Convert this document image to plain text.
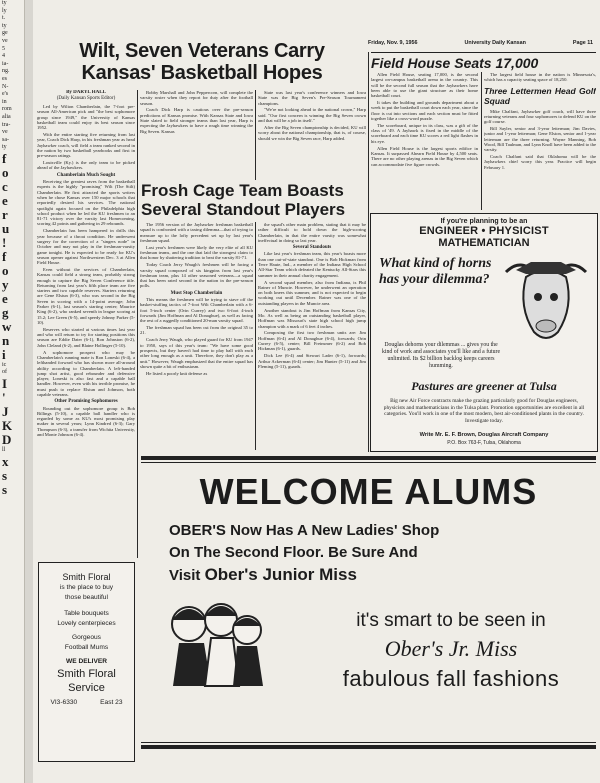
ty
ly
t.
ty
ge
ve
5
4
ia-
ng.
es
N-
e's
in
rom
alia
tra-
ve
sa-
ty
f
o
c
e
r
u
!
f
o
y
e
g
w
n
i
ic
of
I
'
J
K
D
ll
x
s
s
Friday, Nov. 9, 1956	University Daily Kansan	Page 11
Wilt, Seven Veterans Carry
Kansas' Basketball Hopes
By DARYL HALL
(Daily Kansan Sports Editor)

Led by Wilton Chamberlain, the 7-foot pre-season All-American pick and "the best sophomore group since 1949," the University of Kansas basketball team could enjoy its best season since 1952.

With the entire starting five returning from last year, Coach Dick Harp, in his freshman year as head Jayhawker coach, will field a team ranked second in the nation by two basketball yearbooks and first in pre-season ratings.

Louisville (Ky.) is the only team to be picked ahead of the Jayhawkers.

Chamberlain Much Sought

Receiving the greatest raves from the basketball experts is the highly "promising" Wilt (The Stilt) Chamberlain. He first attracted the sports writers when he chose Kansas over 150 major schools that reportedly desired his services. The national spotlight again focused on the Philadelphia high school product when he led the KU freshmen to an 81-71 victory over the varsity last Homecoming, scoring 42 points and gathering in 29 rebounds.

Chamberlain has been hampered in drills this year because of a throat condition. He underwent surgery for the correction of a "singers node" in October and may not play in the freshman-varsity game tonight. He is expected to be ready for KU's season opener against Northwestern Dec. 3 at Allen Field House.

Even without the services of Chamberlain, Kansas could field a strong team, probably strong enough to capture the Big Seven Conference title. Returning from last year's fifth place team are five starters and two capable reserves. Starters returning are Gene Elstun (6-3), who was second in the Big Seven in scoring with a 14-point average; John Parker (6-1), last season's starting center; Maurice King (6-2), who ranked seventh in league scoring at 15.2; Lee Green (6-5), and speedy Johnny Parker (5-10).

Reserves who started at various times last year and who will return to try for starting positions this season are Eddie Dater (6-1), Ron Johnston (6-2), John Cleland (6-2), and Blaine Hollinger (5-10).

A sophomore prospect who may be Chamberlain's running mate is Ron Loneski (6-4), a lefthanded forward who has shown more all-around ability according to Chamberlain. A left-handed jump shot artist, good rebounder and defensive player, Loneski is also fast and a capable ball handler. However, even with his terrible promise, he must push to replace Elstun and Johnson, both capable veterans.

Other Promising Sophomores

Rounding out the sophomore group is Bob Billings (5-10), a capable ball handler who is regarded by some as KU's most promising play maker in several years; Lynn Kindred (6-3); Gary Thompson (6-3), a transfer from Wichita University, and Monte Johnson (6-4).

Bobby Marshall and John Peppercorn, will complete the varsity roster when they report for duty after the football season.

Coach Dick Harp is cautious over the pre-season predictions of Kansas promise. With Kansas State and Iowa State slated to field stronger teams than last year, Harp is expecting the Jayhawkers to have a rough time winning the Big Seven. Kansas

State was last year's conference winners and Iowa State was the Big Seven's Pre-Season Tournament champions.

"We're not looking ahead to the national crown," Harp said. "Our first concern is winning the Big Seven crown and that will be a job in itself."

After the Big Seven championship is decided, KU will worry about the national championship, that is, of course, should we win the Big Seven race, Harp added.

Frosh Cage Team Boasts
Several Standout Players

The 1956 version of the Jayhawker freshman basketball squad is confronted with a taxing dilemma—that of trying to measure up to the lofty precedent set up by last year's freshman squad.

Last year's freshmen were likely the very elite of all KU freshman teams, and the one that laid the strongest claim to that honor by shattering tradition to beat the varsity 81-71.

Today Coach Jerry Waugh's freshmen will be facing a varsity squad composed of six kingpins from last year's freshman team, plus 14 other seasoned veterans—a squad that has been rated second in the nation in the pre-season polls.

Must Stop Chamberlain

This means the freshmen will be trying to stave off the basket-stuffing tactics of 7-foot Wilt Chamberlain with a 6-foot 5-inch center (Orin Currey) and two 6-foot 4-inch forwards (Jim Hoffman and Al Donaghue), as well as facing the rest of a ruggedly conditioned 20-man varsity squad.

The freshman squad has been cut from the original 35 to 21.

Coach Jerry Waugh, who played guard for KU from 1947 to 1950, says of this year's team: "We have some good prospects, but they haven't had time to play ball with each other long enough as a unit. Therefore, they don't play as a unit." However, Waugh emphasized that the entire squad has shown quite a bit of enthusiasm.

He listed a poorly knit defense as

the squad's other main problem, stating that it may be rather difficult to hold down the high-scoring Chamberlain, in that the entire varsity was somewhat ineffectual in doing so last year.

Several Standouts

Like last year's freshman team, this year's boasts more than one out-of-state standout. One is Bob Hickman from Terre Haute, Ind., a member of the Indiana High School All-Star Team which defeated the Kentucky All-Stars this summer in their annual charity engagement.

A second squad member, also from Indiana, is Phil Rainer of Muncie. However, he underwent an operation on both knees this summer, and is not expected to begin working out until December. Rainer was one of the outstanding players in the Muncie area.

Another standout is Jim Hoffman from Kansas City, Mo. As well as being an outstanding basketball player, Hoffman was Missouri's state high school high jump champion with a mark of 6 feet 4 inches.

Composing the first two freshman units are: Jim Hoffman (6-4) and Al Donaghue (6-4), forwards; Orin Currey (6-5), center; Bill Freinsmer (6-2) and Bob Hickman (6-1), guards.

Dick Lee (6-4) and Stewart Lader (6-1), forwards; Arthur Ackerman (6-4) center; Jim Hunter (5-11) and Jim Fleming (5-11), guards.

Field House Seats 17,000

Allen Field House, seating 17,000, is the second largest on-campus basketball arena in the country. This will be the second full season that the Jayhawkers have been able to use the giant structure as their home basketball court.

It takes the building and grounds department about a week to put the basketball court down each year, since the floor is cut into sections and each section must be fitted together like a cross-word puzzle.

The scoreboard, unique in its class, was a gift of the class of '49. A Jayhawk is fixed in the middle of the scoreboard and each time KU scores a red light flashes in his eye.

Allen Field House is the largest sports edifice in Kansas. It surpassed Ahearn Field House by 4,500 seats. There are no other playing arenas in the Big Seven which can accommodate five figure crowds.

The largest field house in the nation is Minnesota's, which has a capacity seating space of 18,250.

Three Lettermen Head Golf Squad

Mike Chalfant, Jayhawker golf coach, will have three returning veterans and four sophomores to defend KU on the golf course.

Bill Sayler, senior and 3-year letterman; Jim Davies, junior and 1-year letterman; Gene Elston, senior and 1-year letterman are the three returning. Wayne Manning, Bob Wood, Bill Taulman, and Lynn Knoll have been added to the varsity.

Coach Chalfant said that Oklahoma will be the Jayhawkers chief worry this year. Practice will begin February 1.

If you're planning to be an
ENGINEER • PHYSICIST
MATHEMATICIAN
What kind of horns has your dilemma?
Douglas dehorns your dilemmas ... gives you the kind of work and associates you'll like and a future unlimited. Its $2 billion backlog keeps careers humming.
Pastures are greener at Tulsa
Big new Air Force contracts make the grazing particularly good for Douglas engineers, physicists and mathematicians in the Tulsa plant. Promotion opportunities are excellent in all categories. You'll work in one of the most modern, best air-conditioned plants in the country. Investigate today.
Write Mr. E. F. Brown, Douglas Aircraft Company
P.O. Box 763-F, Tulsa, Oklahoma
Smith Floral
is the place to buy
those beautiful
Table bouquets
Lovely centerpieces
Gorgeous
Football Mums
WE DELIVER
Smith Floral
Service
VI3-6330	East 23
WELCOME ALUMS
OBER'S Now Has A New Ladies' Shop
On The Second Floor. Be Sure And
Visit Ober's Junior Miss
it's smart to be seen in
Ober's Jr. Miss
fabulous fall fashions
